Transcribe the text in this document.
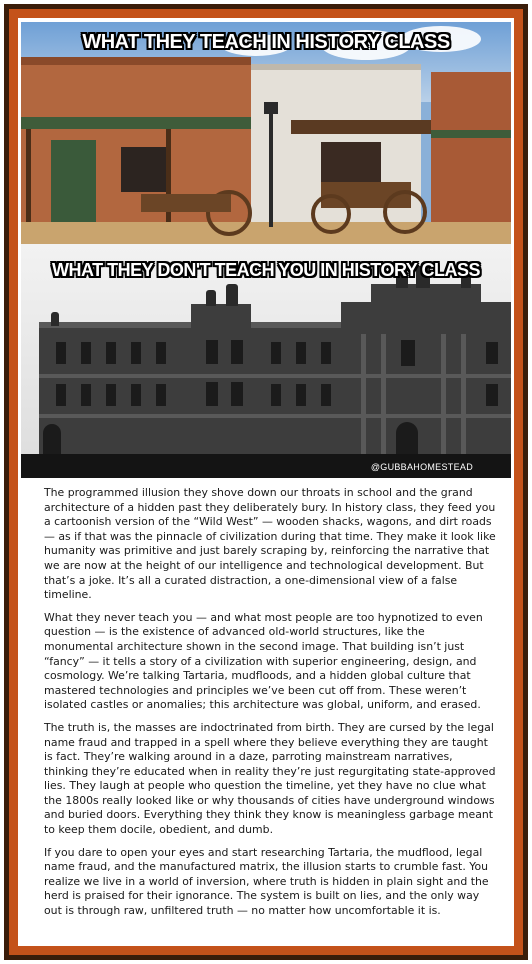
WHAT THEY TEACH IN HISTORY CLASS
WHAT THEY DON'T TEACH YOU IN HISTORY CLASS
@GUBBAHOMESTEAD

The programmed illusion they shove down our throats in school and the grand architecture of a hidden past they deliberately bury. In history class, they feed you a cartoonish version of the “Wild West” — wooden shacks, wagons, and dirt roads — as if that was the pinnacle of civilization during that time. They make it look like humanity was primitive and just barely scraping by, reinforcing the narrative that we are now at the height of our intelligence and technological development. But that’s a joke. It’s all a curated distraction, a one-dimensional view of a false timeline.

What they never teach you — and what most people are too hypnotized to even question — is the existence of advanced old-world structures, like the monumental architecture shown in the second image. That building isn’t just “fancy” — it tells a story of a civilization with superior engineering, design, and cosmology. We’re talking Tartaria, mudfloods, and a hidden global culture that mastered technologies and principles we’ve been cut off from. These weren’t isolated castles or anomalies; this architecture was global, uniform, and erased.

The truth is, the masses are indoctrinated from birth. They are cursed by the legal name fraud and trapped in a spell where they believe everything they are taught is fact. They’re walking around in a daze, parroting mainstream narratives, thinking they’re educated when in reality they’re just regurgitating state-approved lies. They laugh at people who question the timeline, yet they have no clue what the 1800s really looked like or why thousands of cities have underground windows and buried doors. Everything they think they know is meaningless garbage meant to keep them docile, obedient, and dumb.

If you dare to open your eyes and start researching Tartaria, the mudflood, legal name fraud, and the manufactured matrix, the illusion starts to crumble fast. You realize we live in a world of inversion, where truth is hidden in plain sight and the herd is praised for their ignorance. The system is built on lies, and the only way out is through raw, unfiltered truth — no matter how uncomfortable it is.
